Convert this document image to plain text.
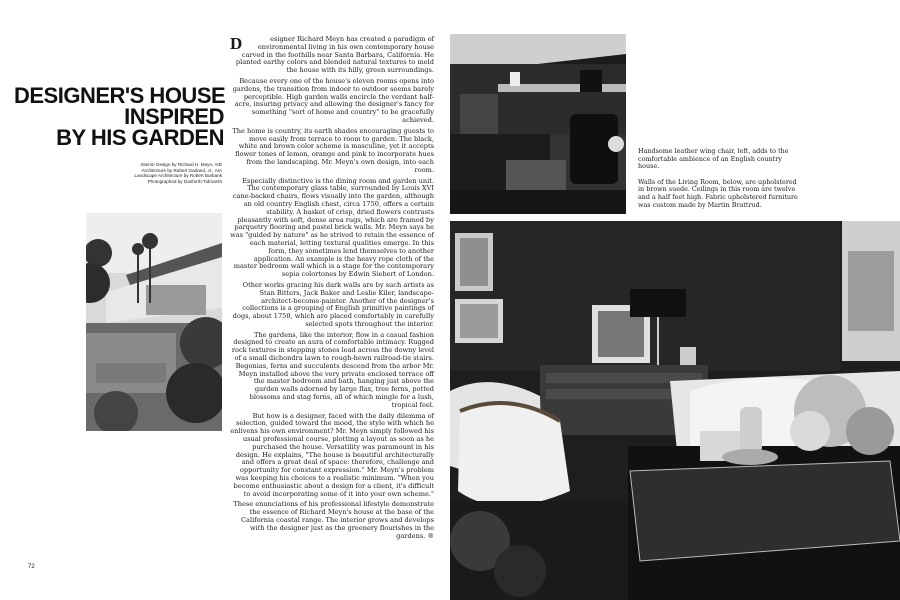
DESIGNER'S HOUSE
INSPIRED
BY HIS GARDEN
Interior Design by Richard H. Meyn, AID
Architecture by Robert Garland, Jr., AIA
Landscape Architecture by Robert Burbank
Photographed by Danforth-Tidmarsh

D	esigner Richard Meyn has created a paradigm of environmental living in his own contemporary house carved in the foothills near Santa Barbara, California. He planted earthy colors and blended natural textures to meld the house with its hilly, green surroundings.

Because every one of the house's eleven rooms opens into gardens, the transition from indoor to outdoor seems barely perceptible. High garden walls encircle the verdant half-acre, insuring privacy and allowing the designer's fancy for something "sort of home and country" to be gracefully achieved.

The home is country, its earth shades encouraging guests to move easily from terrace to room to garden. The black, white and brown color scheme is masculine, yet it accepts flower tones of lemon, orange and pink to incorporate hues from the landscaping. Mr. Meyn's own design, into each room.

Especially distinctive is the dining room and garden unit. The contemporary glass table, surrounded by Louis XVI cane-backed chairs, flows visually into the garden, although an old country English chest, circa 1750, offers a certain stability. A basket of crisp, dried flowers contrasts pleasantly with soft, dense area rugs, which are framed by parquetry flooring and pastel brick walls. Mr. Meyn says he was "guided by nature" as he strived to retain the essence of each material, letting textural qualities emerge. In this form, they sometimes lend themselves to another application. An example is the heavy rope cloth of the master bedroom wall which is a stage for the contemporary sepia colortones by Edwin Siebert of London.

Other works gracing his dark walls are by such artists as Stan Bitters, Jack Baker and Leslie Kiler, landscape-architect-become-painter. Another of the designer's collections is a grouping of English primitive paintings of dogs, about 1750, which are placed comfortably in carefully selected spots throughout the interior.

The gardens, like the interior, flow in a casual fashion designed to create an aura of comfortable intimacy. Rugged rock textures in stepping stones lead across the downy level of a small dichondra lawn to rough-hewn railroad-tie stairs. Begonias, ferns and succulents descend from the arbor Mr. Meyn installed above the very private enclosed terrace off the master bedroom and bath, hanging just above the garden walls adorned by large flax, tree ferns, potted blossoms and stag ferns, all of which mingle for a lush, tropical feel.

But how is a designer, faced with the daily dilemma of selection, guided toward the mood, the style with which he enlivens his own environment? Mr. Meyn simply followed his usual professional course, plotting a layout as soon as he purchased the house. Versatility was paramount in his design. He explains, "The house is beautiful architecturally and offers a great deal of space: therefore, challenge and opportunity for constant expression." Mr. Meyn's problem was keeping his choices to a realistic minimum. "When you become enthusiastic about a design for a client, it's difficult to avoid incorporating some of it into your own scheme."

These enunciations of his professional lifestyle demonstrate the essence of Richard Meyn's house at the base of the California coastal range. The interior grows and develops with the designer just as the greenery flourishes in the gardens. ®

72

Handsome leather wing chair, left, adds to the comfortable ambience of an English country house.

Walls of the Living Room, below, are upholstered in brown suede. Ceilings in this room are twelve and a half feet high. Fabric upholstered furniture was custom made by Martin Brattrud.
